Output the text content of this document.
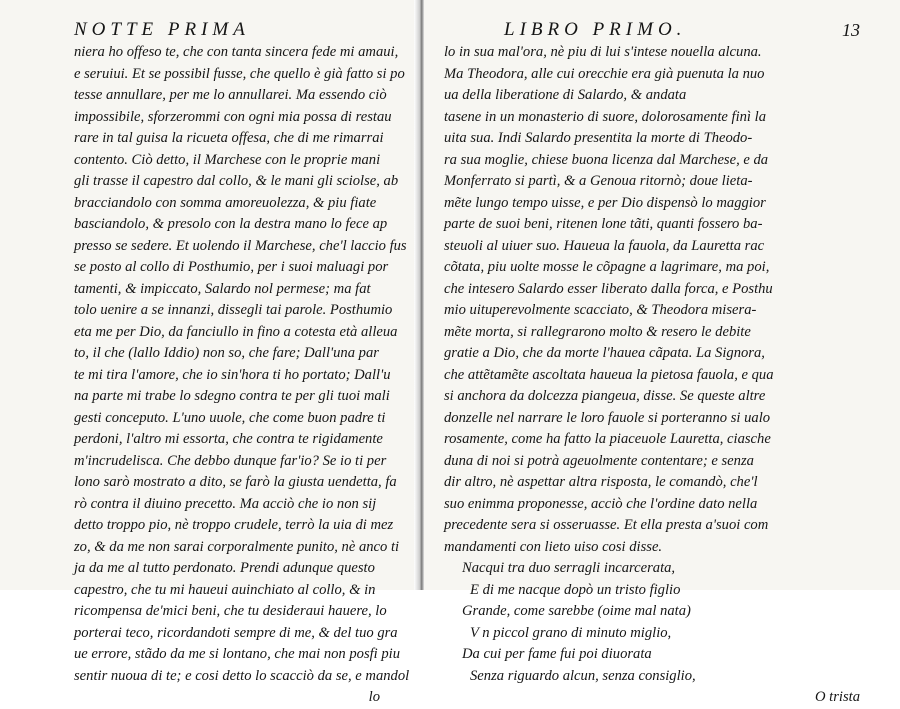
NOTTE PRIMA
niera ho offeso te, che con tanta sincera fede mi amaui,
e seruiui. Et se possibil fusse, che quello è già fatto si po
tesse annullare, per me lo annullarei. Ma essendo ciò
impossibile, sforzerommi con ogni mia possa di restau
rare in tal guisa la ricueta offesa, che di me rimarrai
contento. Ciò detto, il Marchese con le proprie mani
gli trasse il capestro dal collo, & le mani gli sciolse, ab
bracciandolo con somma amoreuolezza, & piu fiate
basciandolo, & presolo con la destra mano lo fece ap
presso se sedere. Et uolendo il Marchese, che'l laccio fus
se posto al collo di Posthumio, per i suoi maluagi por
tamenti, & impiccato, Salardo nol permese; ma fat
tolo uenire a se innanzi, dissegli tai parole. Posthumio
eta me per Dio, da fanciullo in fino a cotesta età alleua
to, il che (lallo Iddio) non so, che fare; Dall'una par
te mi tira l'amore, che io sin'hora ti ho portato; Dall'u
na parte mi trabe lo sdegno contra te per gli tuoi mali
gesti conceputo. L'uno uuole, che come buon padre ti
perdoni, l'altro mi essorta, che contra te rigidamente
m'incrudelisca. Che debbo dunque far'io? Se io ti per
lono sarò mostrato a dito, se farò la giusta uendetta, fa
rò contra il diuino precetto. Ma acciò che io non sij
detto troppo pio, nè troppo crudele, terrò la uia di mez
zo, & da me non sarai corporalmente punito, nè anco ti
ja da me al tutto perdonato. Prendi adunque questo
capestro, che tu mi haueui auinchiato al collo, & in
ricompensa de'mici beni, che tu desideraui hauere, lo
porterai teco, ricordandoti sempre di me, & del tuo gra
ue errore, stãdo da me si lontano, che mai non posfi piu
sentir nuoua di te; e cosi detto lo scacciò da se, e mandol
lo
LIBRO PRIMO.	13
lo in sua mal'ora, nè piu di lui s'intese nouella alcuna.
Ma Theodora, alle cui orecchie era già puenuta la nuo
ua della liberatione di Salardo, & andata
tasene in un monasterio di suore, dolorosamente finì la
uita sua. Indi Salardo presentita la morte di Theodo-
ra sua moglie, chiese buona licenza dal Marchese, e da
Monferrato si partì, & a Genoua ritornò; doue lieta-
mẽte lungo tempo uisse, e per Dio dispensò lo maggior
parte de suoi beni, ritenen lone tãti, quanti fossero ba-
steuoli al uiuer suo. Haueua la fauola, da Lauretta rac
cõtata, piu uolte mosse le cõpagne a lagrimare, ma poi,
che intesero Salardo esser liberato dalla forca, e Posthu
mio uituperevolmente scacciato, & Theodora misera-
mẽte morta, si rallegrarono molto & resero le debite
gratie a Dio, che da morte l'hauea cãpata. La Signora,
che attẽtamẽte ascoltata haueua la pietosa fauola, e qua
si anchora da dolcezza piangeua, disse. Se queste altre
donzelle nel narrare le loro fauole si porteranno si ualo
rosamente, come ha fatto la piaceuole Lauretta, ciasche
duna di noi si potrà ageuolmente contentare; e senza
dir altro, nè aspettar altra risposta, le comandò, che'l
suo enimma proponesse, acciò che l'ordine dato nella
precedente sera si osseruasse. Et ella presta a'suoi com
mandamenti con lieto uiso cosi disse.
Nacqui tra duo serragli incarcerata,
E di me nacque dopò un tristo figlio
Grande, come sarebbe (oime mal nata)
V n piccol grano di minuto miglio,
Da cui per fame fui poi diuorata
Senza riguardo alcun, senza consiglio,
O trista
